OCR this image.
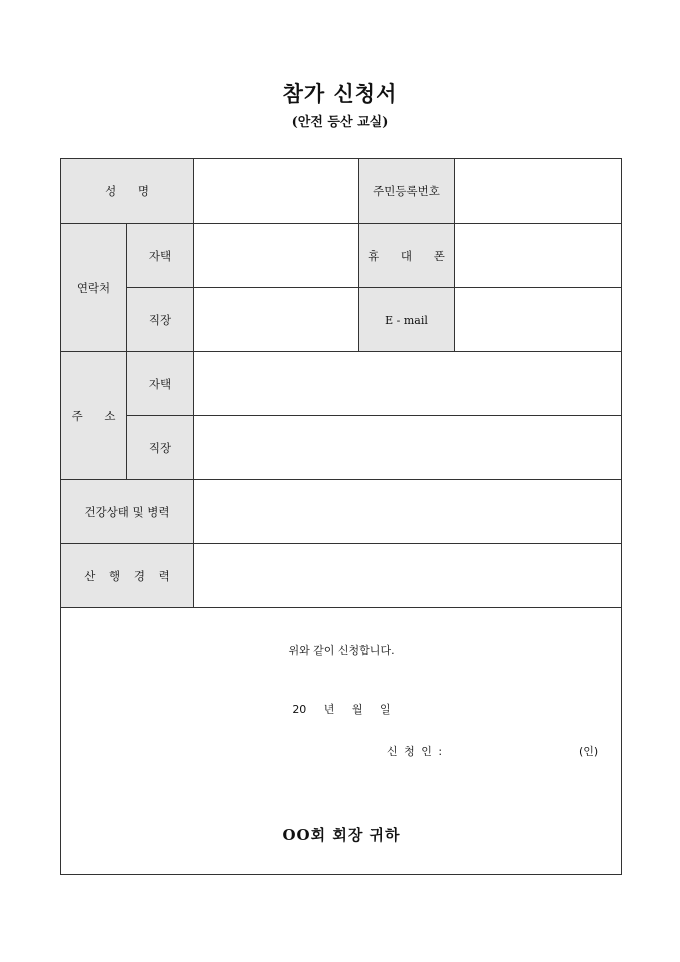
참가 신청서
(안전 등산 교실)
성 명			주민등록번호	
연락처	자택		휴 대 폰	
	직장		E - mail	
주 소	자택			
	직장			
건강상태 및 병력				
산 행 경 력				

위와 같이 신청합니다.
20 년 월 일
신 청 인 : (인)
OO회 회장 귀하				
